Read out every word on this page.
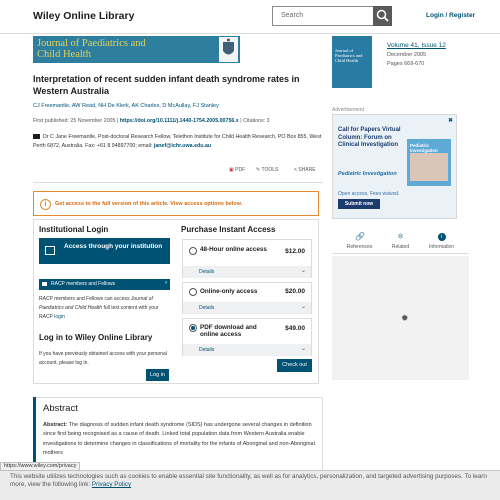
Wiley Online Library	Search	Login / Register
Journal of Paediatrics and
Child Health	Journal of Paediatrics and Child Health
Volume 41, Issue 12
December 2005
Pages 669-670
Interpretation of recent sudden infant death syndrome rates in Western Australia
CJ Freemantle, AW Read, NH De Klerk, AK Charles, D McAullay, FJ Stanley
First published: 25 November 2005 | https://doi.org/10.1111/j.1440-1754.2005.00756.x | Citations: 3
Dr C Jane Freemantle, Post-doctoral Research Fellow, Telethon Institute for Child Health Research, PO Box 855, West Perth 6872, Australia. Fax: +61 8 94897700; email: janef@ichr.uwa.edu.au
▣ PDF ✎ TOOLS	< SHARE
i	Get access to the full version of this article. View access options below.
Institutional Login
Access through your institution
RACP members and Fellows	›
RACP members and Fellows can access Journal of Paediatrics and Child Health full text content with your RACP login
Log in to Wiley Online Library
If you have previously obtained access with your personal account, please log in.
Log in
Purchase Instant Access
48-Hour online access	$12.00
Details	⌄
Online-only access	$20.00
Details	⌄
PDF download and online access
$49.00
Details	⌄
Check out
Abstract
Abstract: The diagnosis of sudden infant death syndrome (SIDS) has undergone several changes in definition since first being recognised as a cause of death. Linked total population data from Western Australia enable investigations to determine changes in classifications of mortality for the infants of Aboriginal and non-Aboriginal mothers
Advertisement
✖
Call for Papers Virtual Column: Forum on Clinical Investigation
Pediatric Investigation
Open access. Fees waived.
Submit now
Pediatric Investigation
🔗
References
⚛
Related
i
Information
✹
This website utilizes technologies such as cookies to enable essential site functionality, as well as for analytics, personalization, and targeted advertising purposes. To learn more, view the following link: Privacy Policy
https://www.wiley.com/privacy
